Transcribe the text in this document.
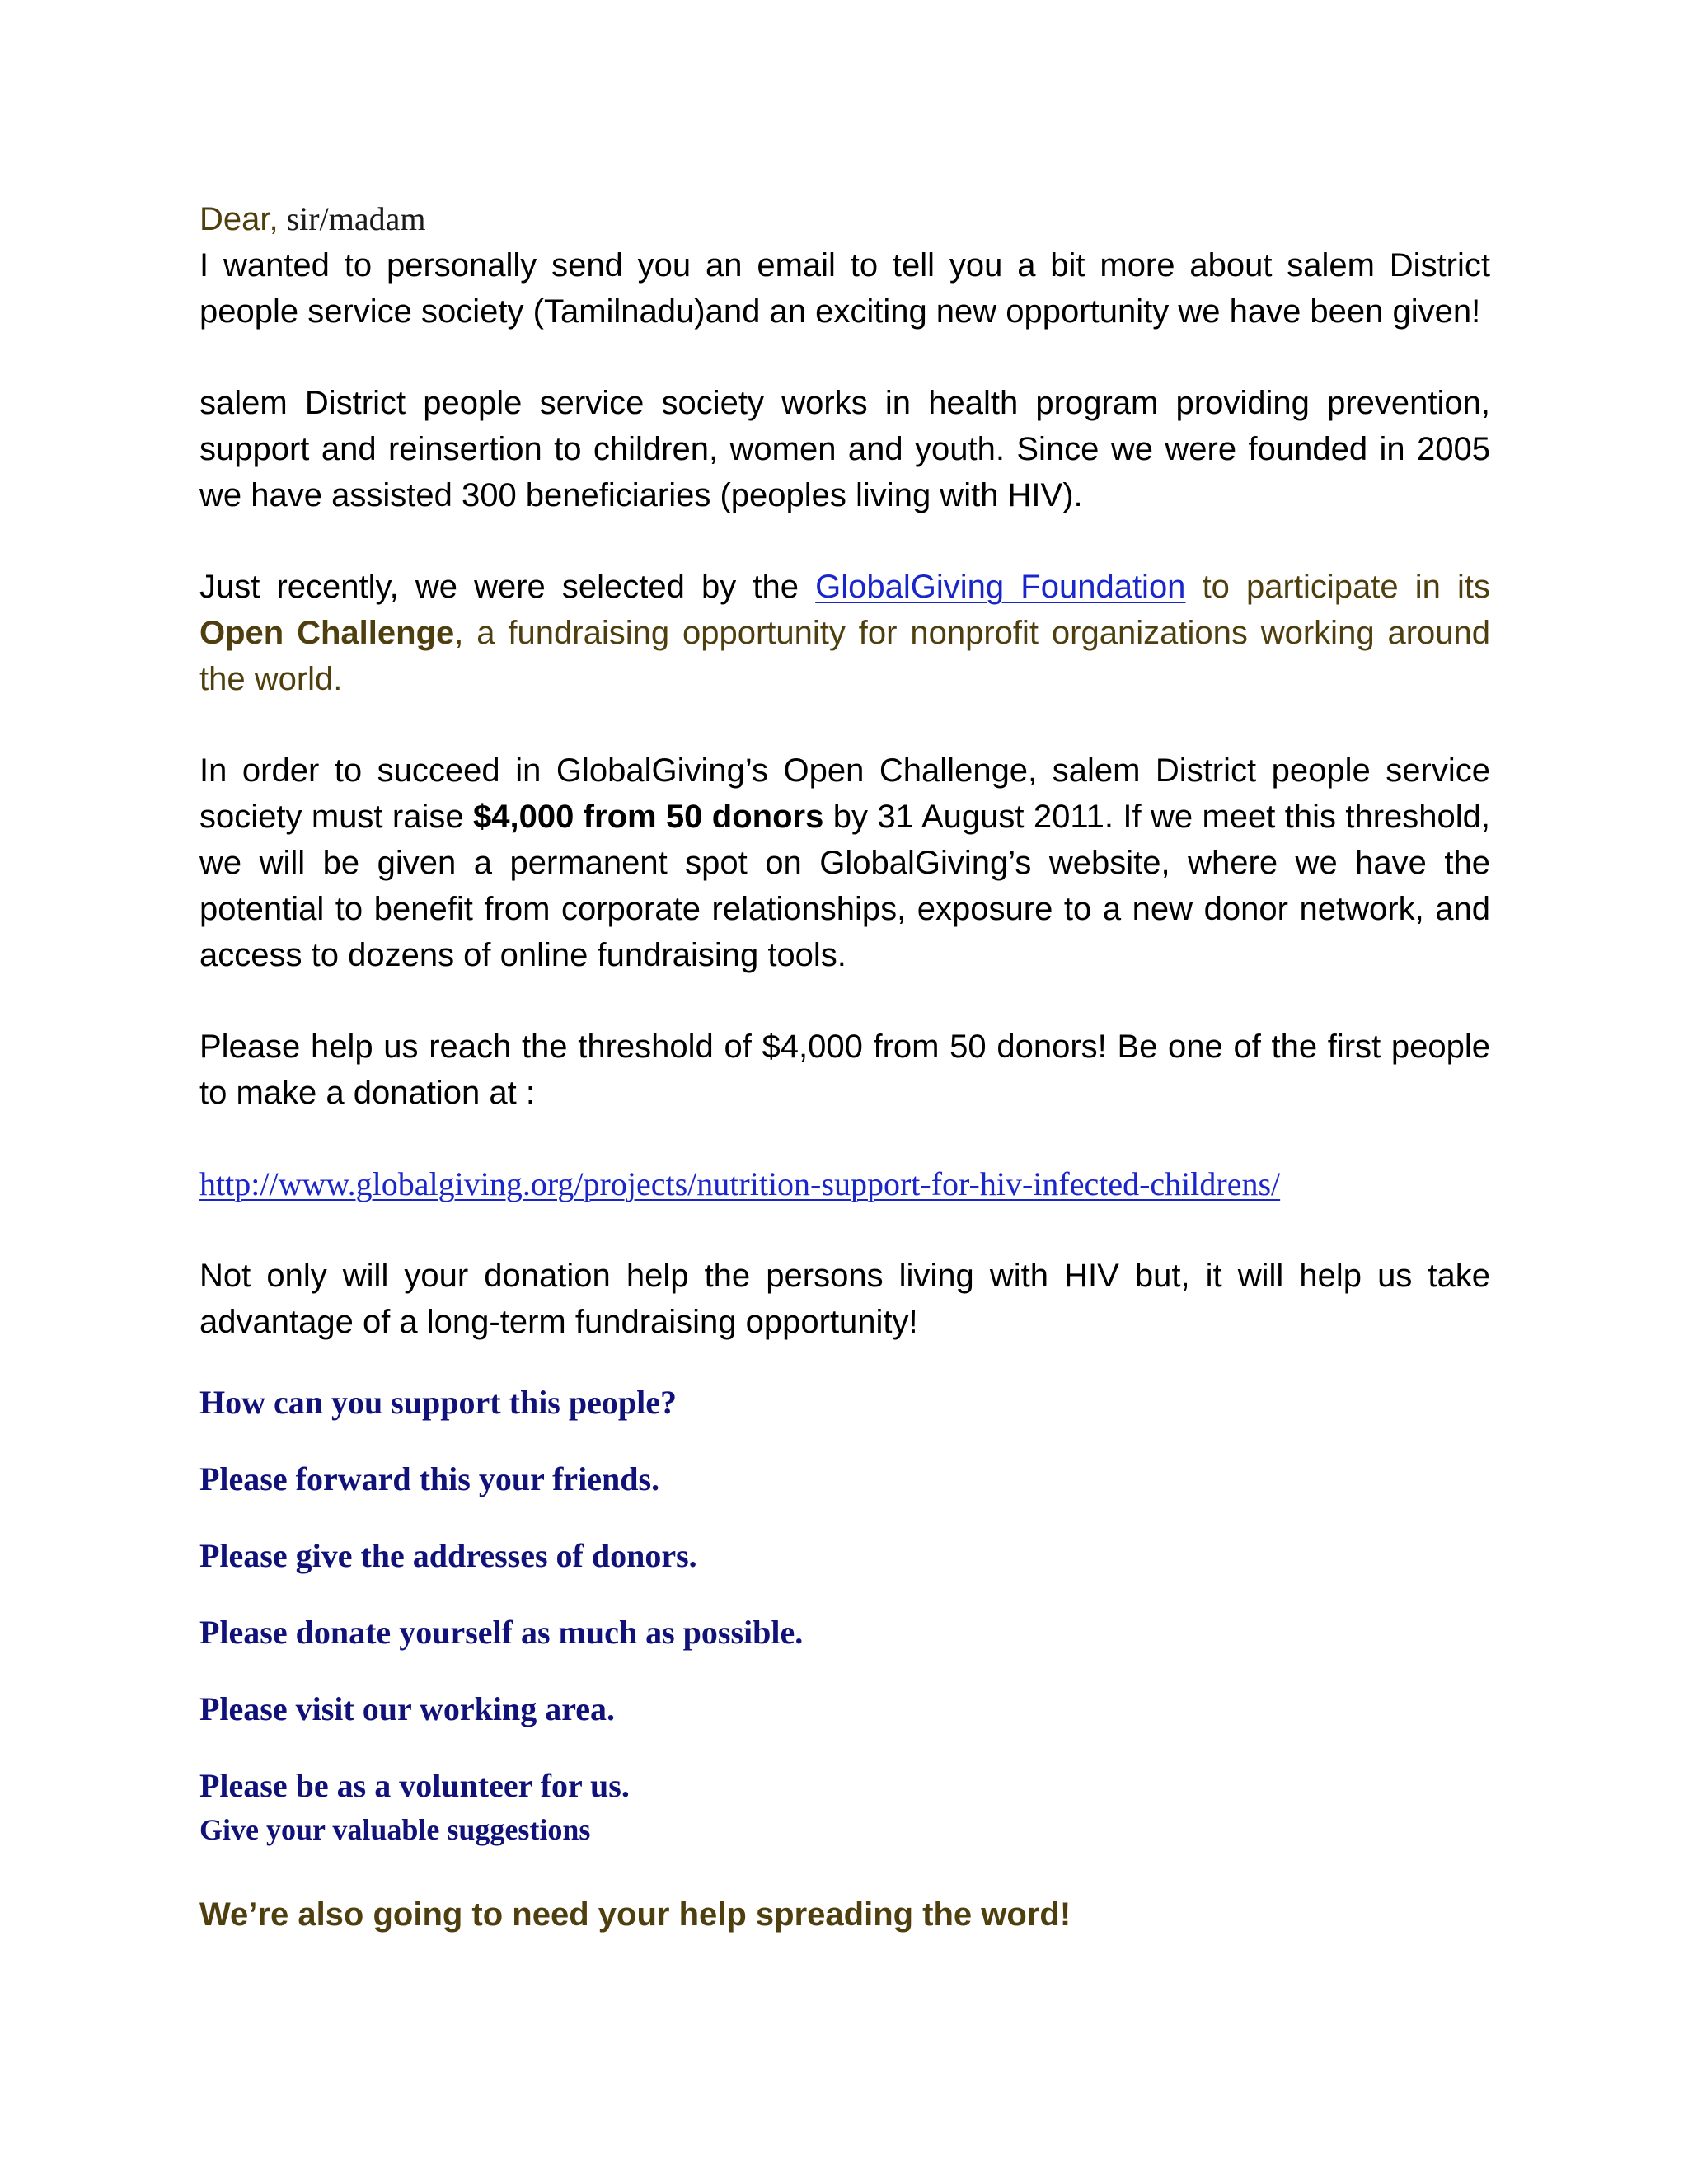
Dear, sir/madam

I wanted to personally send you an email to tell you a bit more about salem District people service society (Tamilnadu)and an exciting new opportunity we have been given!

salem District people service society works in health program providing prevention, support and reinsertion to children, women and youth. Since we were founded in 2005 we have assisted 300 beneficiaries (peoples living with HIV).

Just recently, we were selected by the GlobalGiving Foundation to participate in its Open Challenge, a fundraising opportunity for nonprofit organizations working around the world.

In order to succeed in GlobalGiving’s Open Challenge, salem District people service society must raise $4,000 from 50 donors by 31 August 2011. If we meet this threshold, we will be given a permanent spot on GlobalGiving’s website, where we have the potential to benefit from corporate relationships, exposure to a new donor network, and access to dozens of online fundraising tools.

Please help us reach the threshold of $4,000 from 50 donors! Be one of the first people to make a donation at :

http://www.globalgiving.org/projects/nutrition-support-for-hiv-infected-childrens/

Not only will your donation help the persons living with HIV but, it will help us take advantage of a long-term fundraising opportunity!

How can you support this people?

Please forward this your friends.

Please give the addresses of donors.

Please donate yourself as much as possible.

Please visit our working area.

Please be as a volunteer for us.

Give your valuable suggestions

We’re also going to need your help spreading the word!
